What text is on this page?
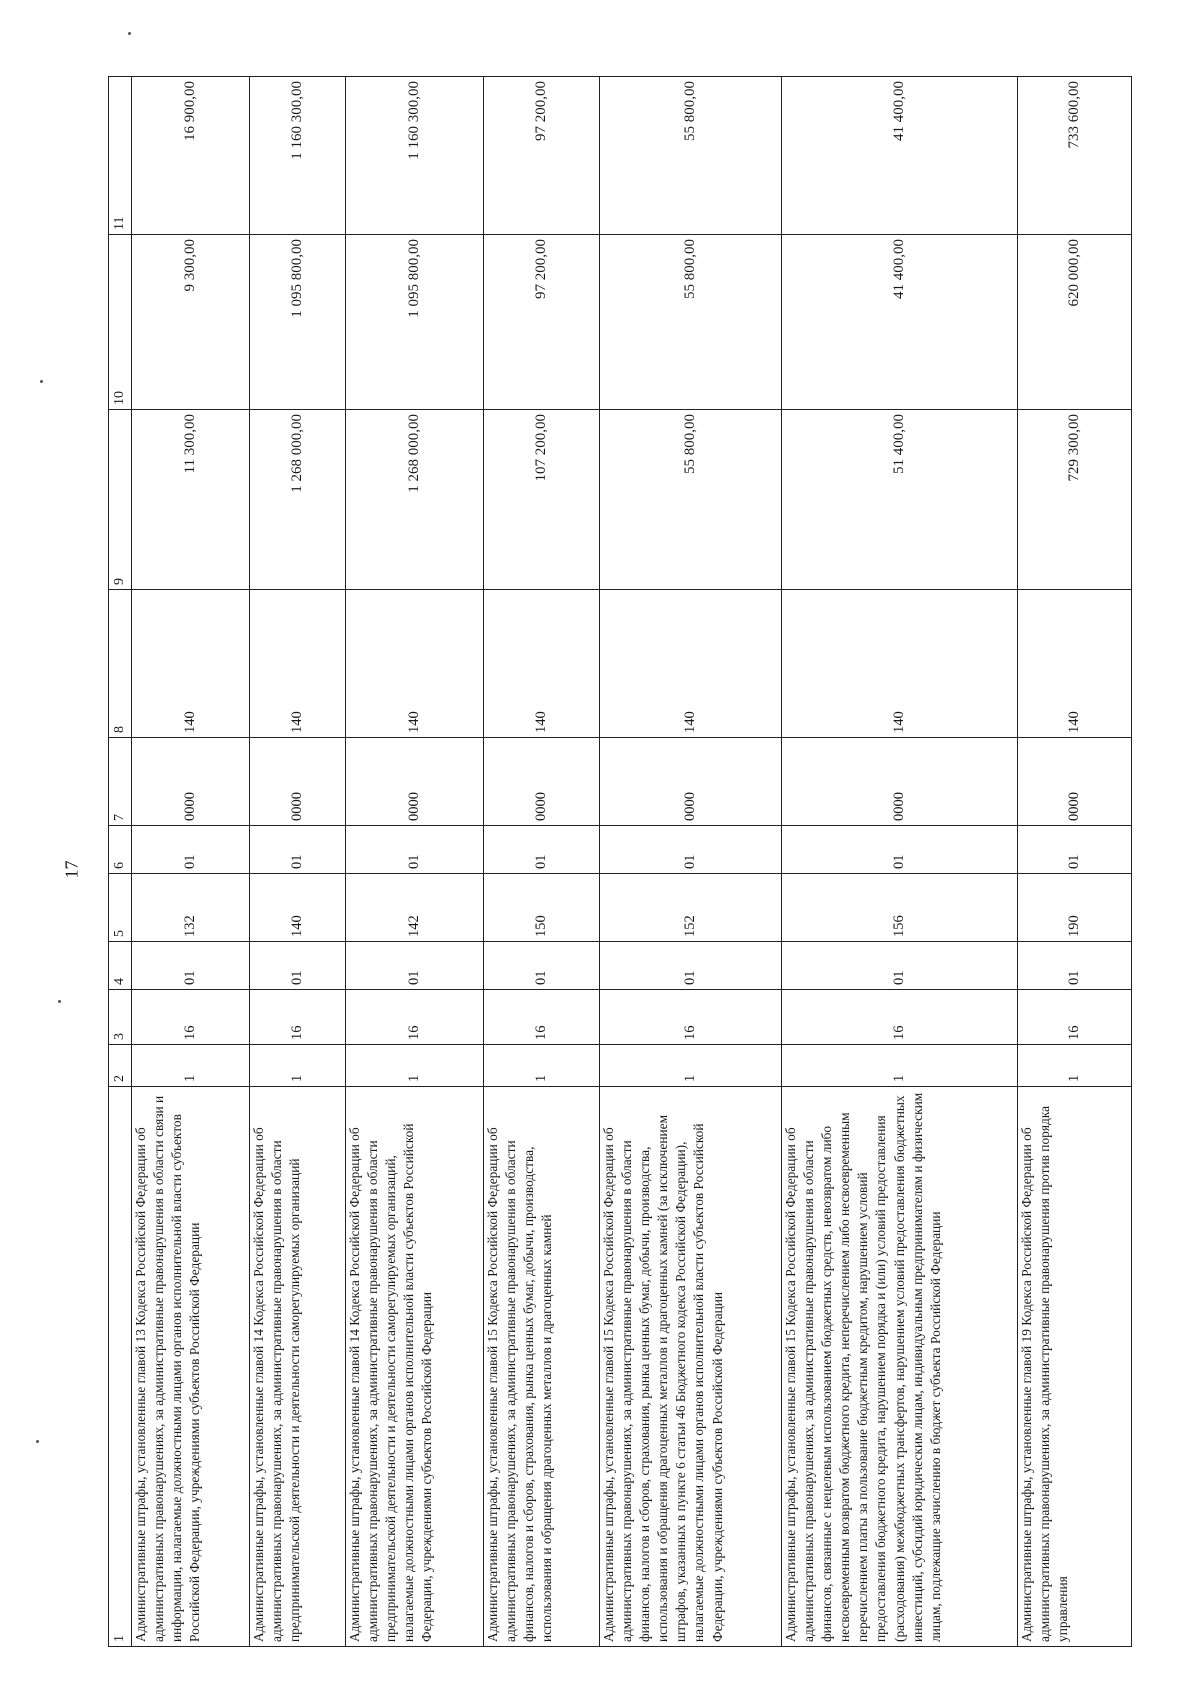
17
1	2	3	4	5	6	7	8	9	10	11
Административные штрафы, установленные главой 13 Кодекса Российской Федерации об административных правонарушениях, за административные правонарушения в области связи и информации, налагаемые должностными лицами органов исполнительной власти субъектов Российской Федерации, учреждениями субъектов Российской Федерации	1	16	01	132	01	0000	140	11 300,00	9 300,00	16 900,00
Административные штрафы, установленные главой 14 Кодекса Российской Федерации об административных правонарушениях, за административные правонарушения в области предпринимательской деятельности и деятельности саморегулируемых организаций	1	16	01	140	01	0000	140	1 268 000,00	1 095 800,00	1 160 300,00
Административные штрафы, установленные главой 14 Кодекса Российской Федерации об административных правонарушениях, за административные правонарушения в области предпринимательской деятельности и деятельности саморегулируемых организаций, налагаемые должностными лицами органов исполнительной власти субъектов Российской Федерации, учреждениями субъектов Российской Федерации	1	16	01	142	01	0000	140	1 268 000,00	1 095 800,00	1 160 300,00
Административные штрафы, установленные главой 15 Кодекса Российской Федерации об административных правонарушениях, за административные правонарушения в области финансов, налогов и сборов, страхования, рынка ценных бумаг, добычи, производства, использования и обращения драгоценных металлов и драгоценных камней	1	16	01	150	01	0000	140	107 200,00	97 200,00	97 200,00
Административные штрафы, установленные главой 15 Кодекса Российской Федерации об административных правонарушениях, за административные правонарушения в области финансов, налогов и сборов, страхования, рынка ценных бумаг, добычи, производства, использования и обращения драгоценных металлов и драгоценных камней (за исключением штрафов, указанных в пункте 6 статьи 46 Бюджетного кодекса Российской Федерации), налагаемые должностными лицами органов исполнительной власти субъектов Российской Федерации, учреждениями субъектов Российской Федерации	1	16	01	152	01	0000	140	55 800,00	55 800,00	55 800,00
Административные штрафы, установленные главой 15 Кодекса Российской Федерации об административных правонарушениях, за административные правонарушения в области финансов, связанные с нецелевым использованием бюджетных средств, невозвратом либо несвоевременным возвратом бюджетного кредита, неперечислением либо несвоевременным перечислением платы за пользование бюджетным кредитом, нарушением условий предоставления бюджетного кредита, нарушением порядка и (или) условий предоставления (расходования) межбюджетных трансфертов, нарушением условий предоставления бюджетных инвестиций, субсидий юридическим лицам, индивидуальным предпринимателям и физическим лицам, подлежащие зачислению в бюджет субъекта Российской Федерации	1	16	01	156	01	0000	140	51 400,00	41 400,00	41 400,00
Административные штрафы, установленные главой 19 Кодекса Российской Федерации об административных правонарушениях, за административные правонарушения против порядка управления	1	16	01	190	01	0000	140	729 300,00	620 000,00	733 600,00
